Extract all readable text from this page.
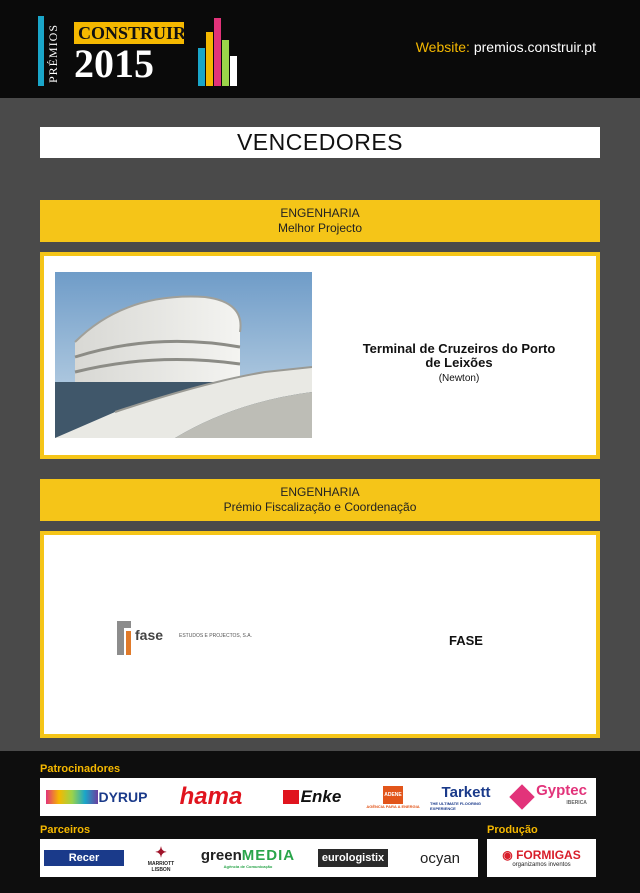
PRÉMIOS	CONSTRUIR
2015	Website: premios.construir.pt
VENCEDORES
ENGENHARIA
Melhor Projecto
Terminal de Cruzeiros do Porto de Leixões
(Newton)
ENGENHARIA
Prémio Fiscalização e Coordenação
fase	ESTUDOS E PROJECTOS, S.A.	FASE
Patrocinadores
DYRUP	hama	Enke	ADENE
AGÊNCIA PARA A ENERGIA
Tarkett
THE ULTIMATE FLOORING EXPERIENCE
Gyptec
IBERICA
Parceiros	Produção
Recer	✦
MARRIOTT
LISBON
greenMEDIA
Agência de Comunicação
eurologistix	ocyan	◉ FORMIGAS
organizamos inventos
